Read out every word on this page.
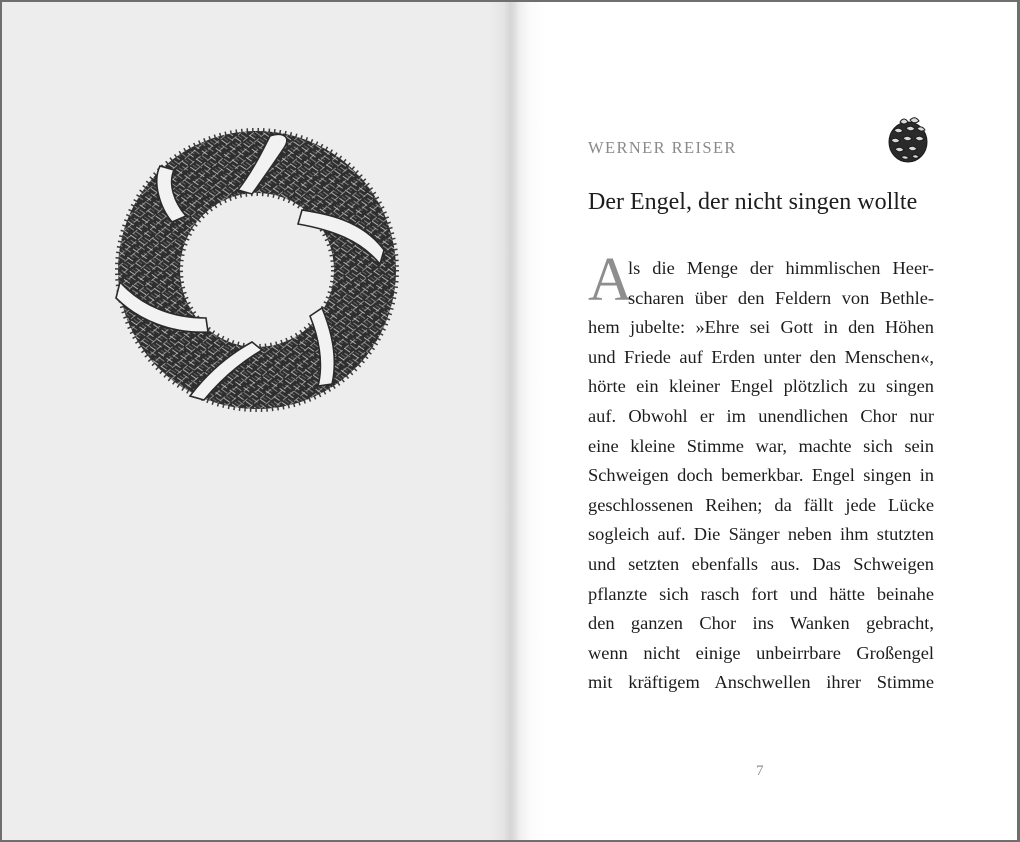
WERNER REISER
Der Engel, der nicht singen wollte
A
ls die Menge der himmlischen Heer-
scharen über den Feldern von Bethle-
hem jubelte: »Ehre sei Gott in den Höhen
und Friede auf Erden unter den Menschen«,
hörte ein kleiner Engel plötzlich zu singen
auf. Obwohl er im unendlichen Chor nur
eine kleine Stimme war, machte sich sein
Schweigen doch bemerkbar. Engel singen in
geschlossenen Reihen; da fällt jede Lücke
sogleich auf. Die Sänger neben ihm stutzten
und setzten ebenfalls aus. Das Schweigen
pflanzte sich rasch fort und hätte beinahe
den ganzen Chor ins Wanken gebracht,
wenn nicht einige unbeirrbare Großengel
mit kräftigem Anschwellen ihrer Stimme
7
